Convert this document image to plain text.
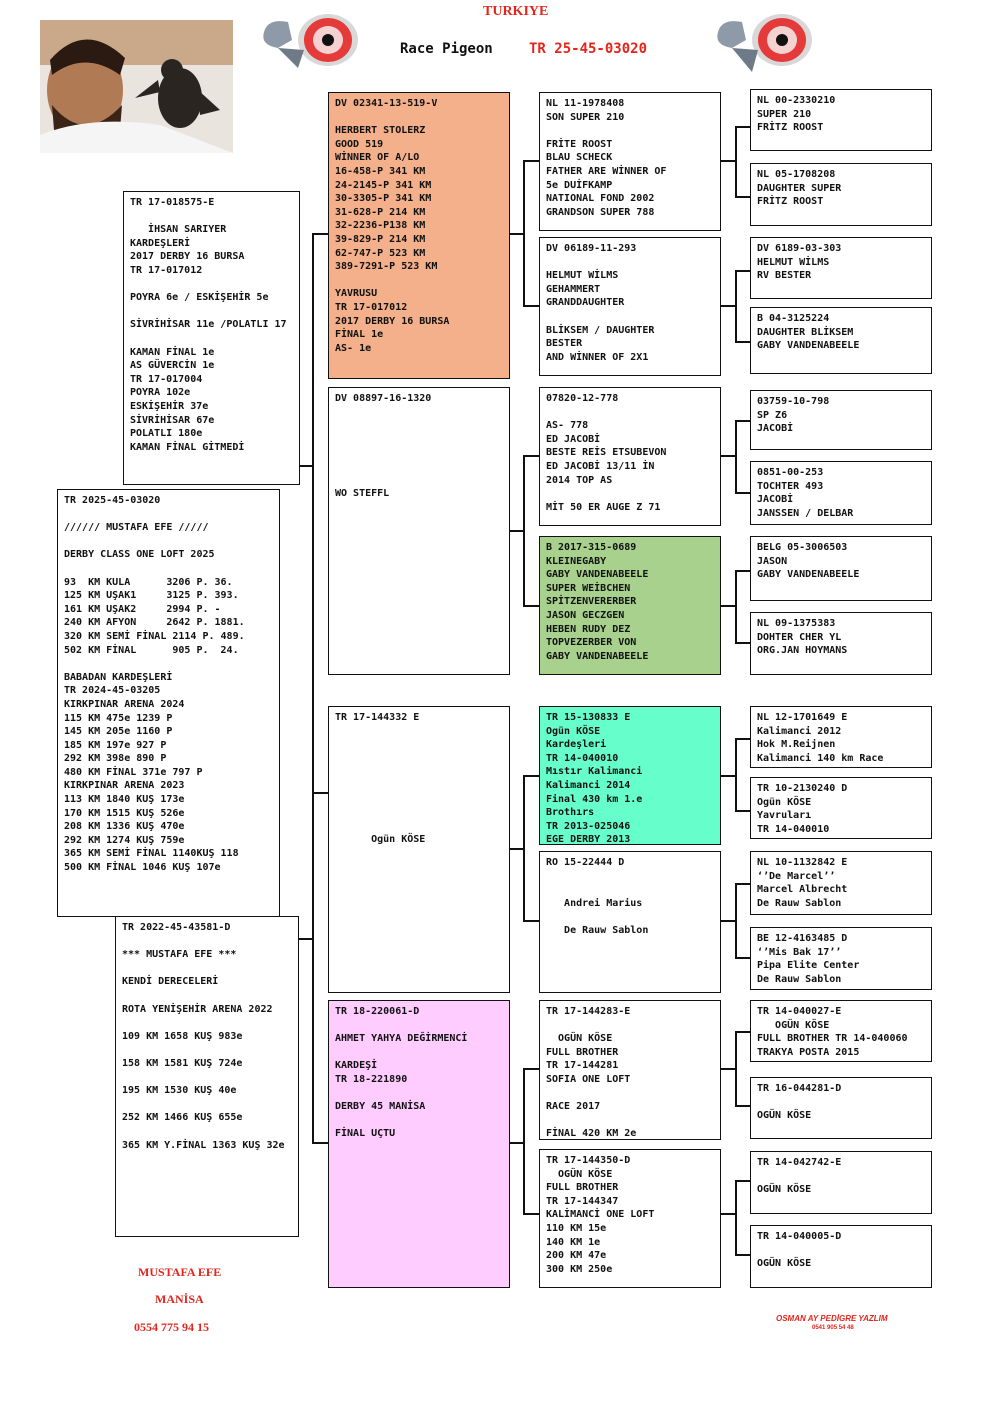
TURKIYE
Race Pigeon	TR 25-45-03020
TR 17-018575-E

İHSAN SARIYER
KARDEŞLERİ
2017 DERBY 16 BURSA
TR 17-017012

POYRA 6e / ESKİŞEHİR 5e

SİVRİHİSAR 11e /POLATLI 17

KAMAN FİNAL 1e
AS GÜVERCİN 1e
TR 17-017004
POYRA 102e
ESKİŞEHİR 37e
SİVRİHİSAR 67e
POLATLI 180e
KAMAN FİNAL GİTMEDİ
TR 2025-45-03020

////// MUSTAFA EFE /////

DERBY CLASS ONE LOFT 2025

93  KM KULA      3206 P. 36.
125 KM UŞAK1     3125 P. 393.
161 KM UŞAK2     2994 P. -
240 KM AFYON     2642 P. 1881.
320 KM SEMİ FİNAL 2114 P. 489.
502 KM FİNAL      905 P.  24.

BABADAN KARDEŞLERİ
TR 2024-45-03205
KIRKPINAR ARENA 2024
115 KM 475e 1239 P
145 KM 205e 1160 P
185 KM 197e 927 P
292 KM 398e 890 P
480 KM FİNAL 371e 797 P
KIRKPINAR ARENA 2023
113 KM 1840 KUŞ 173e
170 KM 1515 KUŞ 526e
208 KM 1336 KUŞ 470e
292 KM 1274 KUŞ 759e
365 KM SEMİ FİNAL 1140KUŞ 118
500 KM FİNAL 1046 KUŞ 107e
TR 2022-45-43581-D

*** MUSTAFA EFE ***

KENDİ DERECELERİ

ROTA YENİŞEHİR ARENA 2022

109 KM 1658 KUŞ 983e

158 KM 1581 KUŞ 724e

195 KM 1530 KUŞ 40e

252 KM 1466 KUŞ 655e

365 KM Y.FİNAL 1363 KUŞ 32e
DV 02341-13-519-V

HERBERT STOLERZ
GOOD 519
WİNNER OF A/LO
16-458-P 341 KM
24-2145-P 341 KM
30-3305-P 341 KM
31-628-P 214 KM
32-2236-P138 KM
39-829-P 214 KM
62-747-P 523 KM
389-7291-P 523 KM

YAVRUSU
TR 17-017012
2017 DERBY 16 BURSA
FİNAL 1e
AS- 1e
DV 08897-16-1320

WO STEFFL
TR 17-144332 E

Ogün KÖSE
TR 18-220061-D

AHMET YAHYA DEĞİRMENCİ

KARDEŞİ
TR 18-221890

DERBY 45 MANİSA

FİNAL UÇTU
NL 11-1978408
SON SUPER 210

FRİTE ROOST
BLAU SCHECK
FATHER ARE WİNNER OF
5e DUİFKAMP
NATIONAL FOND 2002
GRANDSON SUPER 788
DV 06189-11-293

HELMUT WİLMS
GEHAMMERT
GRANDDAUGHTER

BLİKSEM / DAUGHTER
BESTER
AND WİNNER OF 2X1
07820-12-778

AS- 778
ED JACOBİ
BESTE REİS ETSUBEVON
ED JACOBİ 13/11 İN
2014 TOP AS

MİT 50 ER AUGE Z 71
B 2017-315-0689
KLEINEGABY
GABY VANDENABEELE
SUPER WEİBCHEN
SPİTZENVERERBER
JASON GECZGEN
HEBEN RUDY DEZ
TOPVEZERBER VON
GABY VANDENABEELE
TR 15-130833 E
Ogün KÖSE
Kardeşleri
TR 14-040010
Mıstır Kalimanci
Kalimanci 2014
Final 430 km 1.e
Brothırs
TR 2013-025046
EGE DERBY 2013
RO 15-22444 D

Andrei Marius

De Rauw Sablon
TR 17-144283-E

OGÜN KÖSE
FULL BROTHER
TR 17-144281
SOFIA ONE LOFT

RACE 2017

FİNAL 420 KM 2e
TR 17-144350-D
OGÜN KÖSE
FULL BROTHER
TR 17-144347
KALİMANCİ ONE LOFT
110 KM 15e
140 KM 1e
200 KM 47e
300 KM 250e
NL 00-2330210
SUPER 210
FRİTZ ROOST
NL 05-1708208
DAUGHTER SUPER
FRİTZ ROOST
DV 6189-03-303
HELMUT WİLMS
RV BESTER
B 04-3125224
DAUGHTER BLİKSEM
GABY VANDENABEELE
03759-10-798
SP Z6
JACOBİ
0851-00-253
TOCHTER 493
JACOBİ
JANSSEN / DELBAR
BELG 05-3006503
JASON
GABY VANDENABEELE
NL 09-1375383
DOHTER CHER YL
ORG.JAN HOYMANS
NL 12-1701649 E
Kalimanci 2012
Hok M.Reijnen
Kalimanci 140 km Race
TR 10-2130240 D
Ogün KÖSE
Yavruları
TR 14-040010
NL 10-1132842 E
‘’De Marcel’’
Marcel Albrecht
De Rauw Sablon
BE 12-4163485 D
‘’Mis Bak 17’’
Pipa Elite Center
De Rauw Sablon
TR 14-040027-E
OGÜN KÖSE
FULL BROTHER TR 14-040060
TRAKYA POSTA 2015
TR 16-044281-D

OGÜN KÖSE
TR 14-042742-E

OGÜN KÖSE
TR 14-040005-D

OGÜN KÖSE
MUSTAFA EFE
MANİSA
0554 775 94 15
OSMAN AY PEDİGRE YAZLIM
0541 905 54 48
